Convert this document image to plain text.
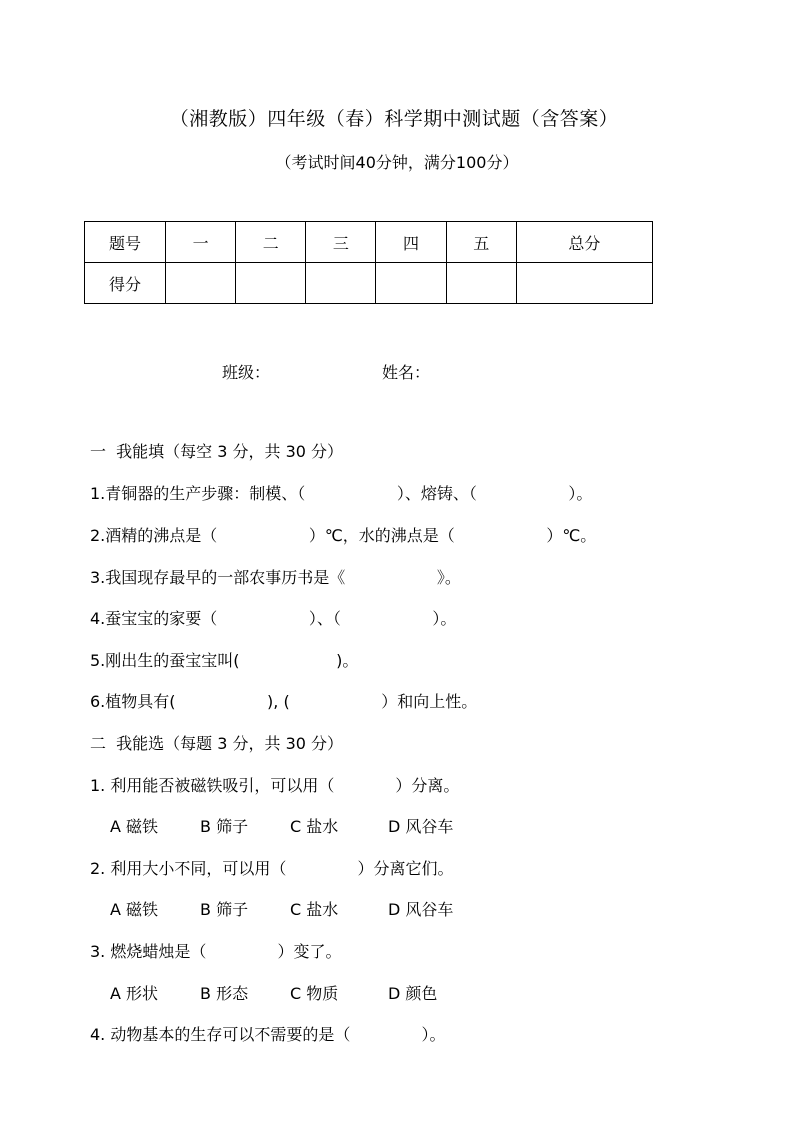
（湘教版）四年级（春）科学期中测试题（含答案）
（考试时间40分钟，满分100分）
题号	一	二	三	四	五	总分
得分						
班级：	姓名：
一  我能填（每空 3 分，共 30 分）
1.青铜器的生产步骤：制模、（                  ）、熔铸、（                  ）。
2.酒精的沸点是（                  ）℃，水的沸点是（                  ）℃。
3.我国现存最早的一部农事历书是《                  》。
4.蚕宝宝的家要（                  ）、（                  ）。
5.刚出生的蚕宝宝叫(                   )。
6.植物具有(                  ), (                  ）和向上性。
二  我能选（每题 3 分，共 30 分）
1. 利用能否被磁铁吸引，可以用（            ）分离。
A 磁铁	B 筛子	C 盐水	D 风谷车
2. 利用大小不同，可以用（              ）分离它们。
A 磁铁	B 筛子	C 盐水	D 风谷车
3. 燃烧蜡烛是（              ）变了。
A 形状	B 形态	C 物质	D 颜色
4. 动物基本的生存可以不需要的是（              ）。
